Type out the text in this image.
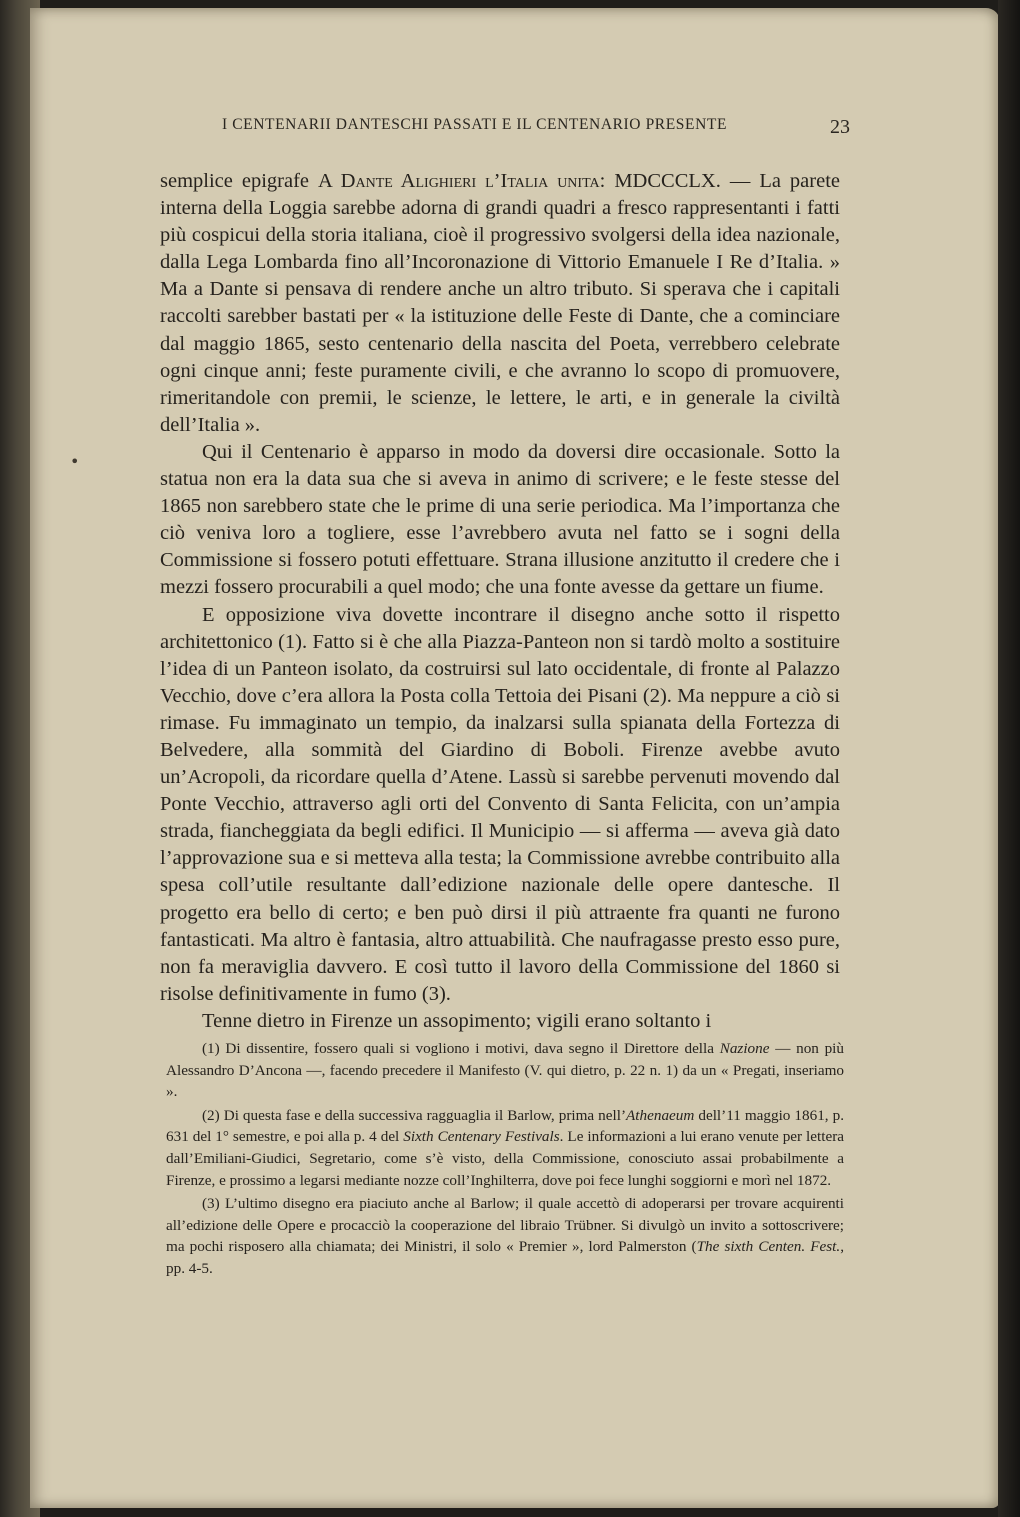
I CENTENARII DANTESCHI PASSATI E IL CENTENARIO PRESENTE	23

semplice epigrafe A Dante Alighieri l’Italia unita: MDCCCLX. — La parete interna della Loggia sarebbe adorna di grandi quadri a fresco rappresentanti i fatti più cospicui della storia italiana, cioè il progressivo svolgersi della idea nazionale, dalla Lega Lombarda fino all’Incoronazione di Vittorio Emanuele I Re d’Italia. » Ma a Dante si pensava di rendere anche un altro tributo. Si sperava che i capitali raccolti sarebber bastati per « la istituzione delle Feste di Dante, che a cominciare dal maggio 1865, sesto centenario della nascita del Poeta, verrebbero celebrate ogni cinque anni; feste puramente civili, e che avranno lo scopo di promuovere, rimeritandole con premii, le scienze, le lettere, le arti, e in generale la civiltà dell’Italia ».

Qui il Centenario è apparso in modo da doversi dire occasionale. Sotto la statua non era la data sua che si aveva in animo di scrivere; e le feste stesse del 1865 non sarebbero state che le prime di una serie periodica. Ma l’importanza che ciò veniva loro a togliere, esse l’avrebbero avuta nel fatto se i sogni della Commissione si fossero potuti effettuare. Strana illusione anzitutto il credere che i mezzi fossero procurabili a quel modo; che una fonte avesse da gettare un fiume.

E opposizione viva dovette incontrare il disegno anche sotto il rispetto architettonico (1). Fatto si è che alla Piazza-Panteon non si tardò molto a sostituire l’idea di un Panteon isolato, da costruirsi sul lato occidentale, di fronte al Palazzo Vecchio, dove c’era allora la Posta colla Tettoia dei Pisani (2). Ma neppure a ciò si rimase. Fu immaginato un tempio, da inalzarsi sulla spianata della Fortezza di Belvedere, alla sommità del Giardino di Boboli. Firenze avebbe avuto un’Acropoli, da ricordare quella d’Atene. Lassù si sarebbe pervenuti movendo dal Ponte Vecchio, attraverso agli orti del Convento di Santa Felicita, con un’ampia strada, fiancheggiata da begli edifici. Il Municipio — si afferma — aveva già dato l’approvazione sua e si metteva alla testa; la Commissione avrebbe contribuito alla spesa coll’utile resultante dall’edizione nazionale delle opere dantesche. Il progetto era bello di certo; e ben può dirsi il più attraente fra quanti ne furono fantasticati. Ma altro è fantasia, altro attuabilità. Che naufragasse presto esso pure, non fa meraviglia davvero. E così tutto il lavoro della Commissione del 1860 si risolse definitivamente in fumo (3).

Tenne dietro in Firenze un assopimento; vigili erano soltanto i

•

(1) Di dissentire, fossero quali si vogliono i motivi, dava segno il Direttore della Nazione — non più Alessandro D’Ancona —, facendo precedere il Manifesto (V. qui dietro, p. 22 n. 1) da un « Pregati, inseriamo ».

(2) Di questa fase e della successiva ragguaglia il Barlow, prima nell’Athenaeum dell’11 maggio 1861, p. 631 del 1° semestre, e poi alla p. 4 del Sixth Centenary Festivals. Le informazioni a lui erano venute per lettera dall’Emiliani-Giudici, Segretario, come s’è visto, della Commissione, conosciuto assai probabilmente a Firenze, e prossimo a legarsi mediante nozze coll’Inghilterra, dove poi fece lunghi soggiorni e morì nel 1872.

(3) L’ultimo disegno era piaciuto anche al Barlow; il quale accettò di adoperarsi per trovare acquirenti all’edizione delle Opere e procacciò la cooperazione del libraio Trübner. Si divulgò un invito a sottoscrivere; ma pochi risposero alla chiamata; dei Ministri, il solo « Premier », lord Palmerston (The sixth Centen. Fest., pp. 4-5.
